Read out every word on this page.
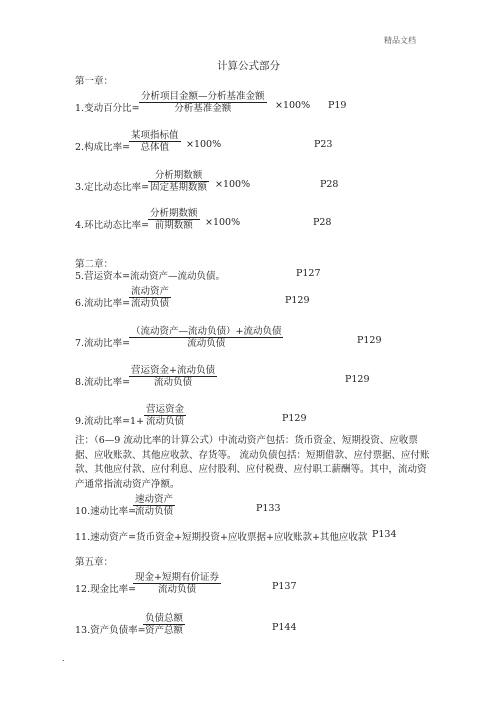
精品文档
计算公式部分
第一章：
1.变动百分比=
分析项目金额—分析基准金额
分析基准金额	×100% P19
2.构成比率=
某项指标值
总体值	×100%	P23
3.定比动态比率=
分析期数额
固定基期数额 ×100%	P28
4.环比动态比率=
分析期数额
前期数额	×100%	P28
第二章：
5.营运资本=流动资产—流动负债。	P127
6.流动比率=
流动资产
流动负债	P129
7.流动比率=
（流动资产—流动负债）+流动负债
流动负债	P129
8.流动比率=
营运资金+流动负债
流动负债	P129
9.流动比率=1+
营运资金
流动负债	P129
注：（6—9 流动比率的计算公式）中流动资产包括：货币资金、短期投资、应收票据、应收账款、其他应收款、存货等。 流动负债包括：短期借款、应付票据、应付账款、其他应付款、应付利息、应付股利、应付税费、应付职工薪酬等。其中，流动资产通常指流动资产净额。
10.速动比率=
速动资产
流动负债	P133
11.速动资产=货币资金+短期投资+应收票据+应收账款+其他应收款 P134
第五章：
12.现金比率=
现金+短期有价证券
流动负债	P137
13.资产负债率=
负债总额
资产总额	P144
.
